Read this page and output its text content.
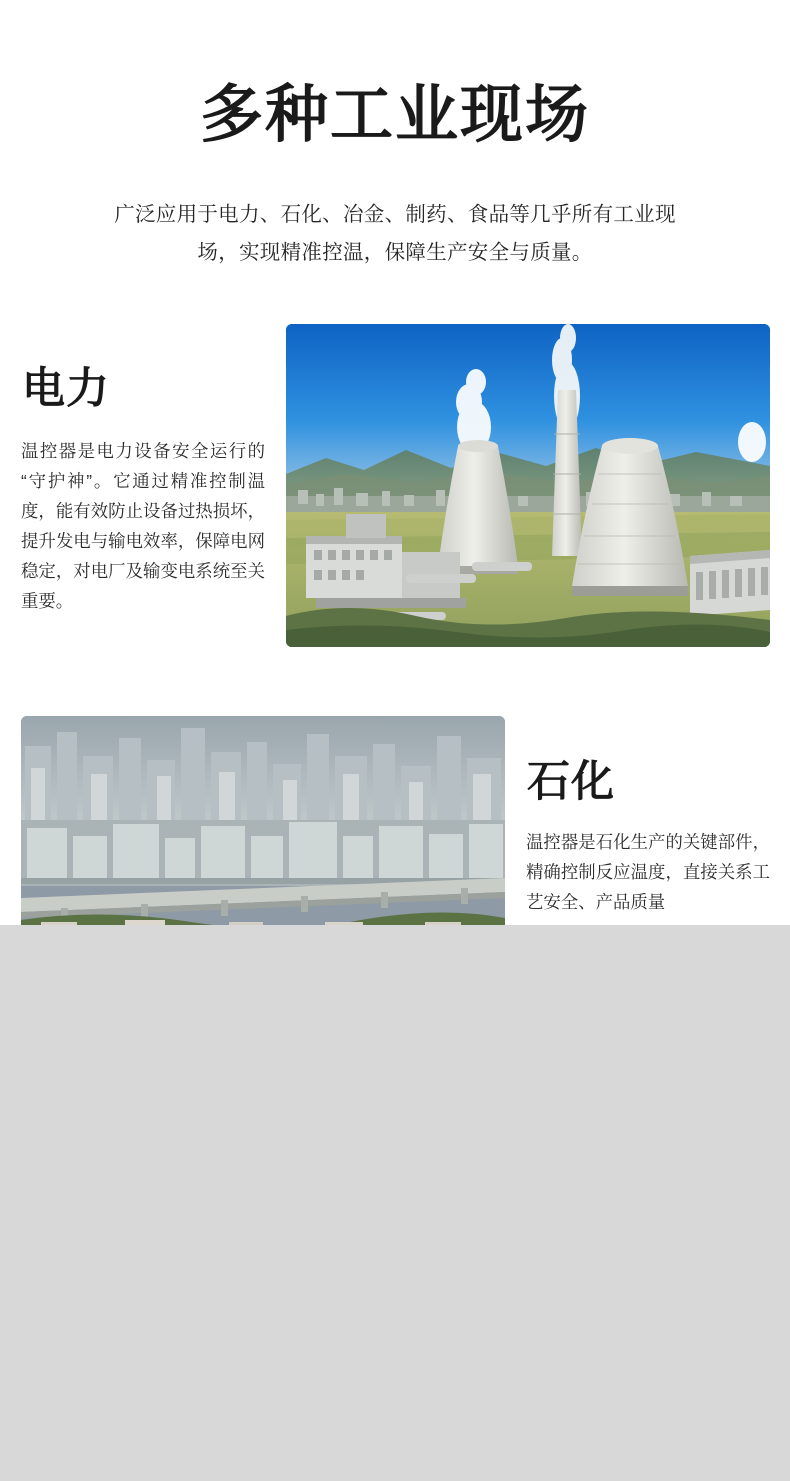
多种工业现场
广泛应用于电力、石化、冶金、制药、食品等几乎所有工业现场，实现精准控温，保障生产安全与质量。
电力
温控器是电力设备安全运行的“守护神”。它通过精准控制温度，能有效防止设备过热损坏，提升发电与输电效率，保障电网稳定，对电厂及输变电系统至关重要。
石化
温控器是石化生产的关键部件，精确控制反应温度，直接关系工艺安全、产品质量
